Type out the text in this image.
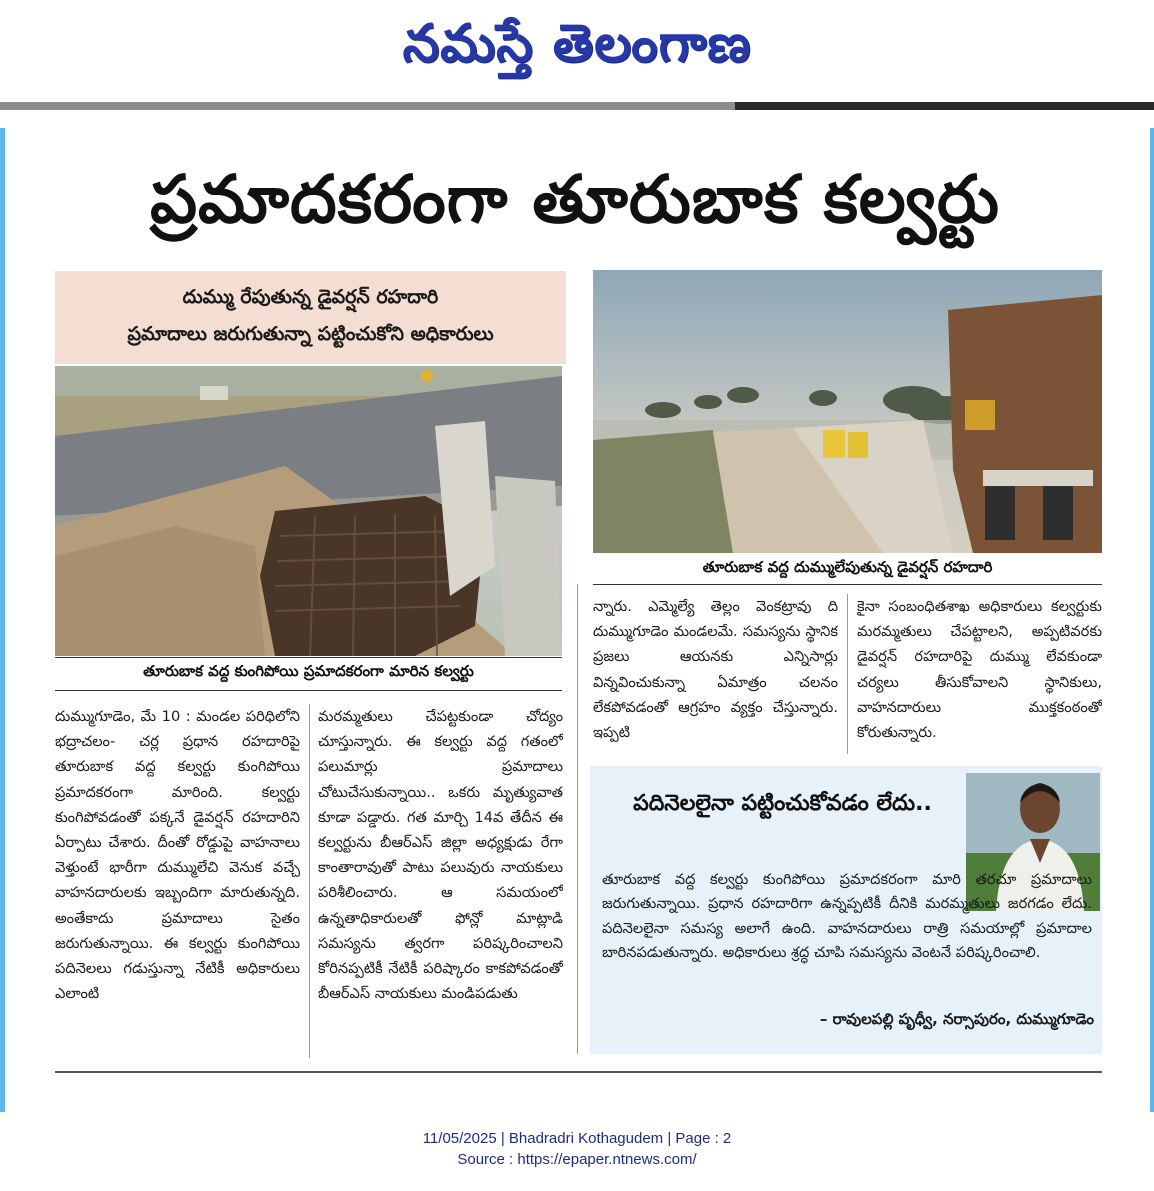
నమస్తే తెలంగాణ
ప్రమాదకరంగా తూరుబాక కల్వర్టు
దుమ్ము రేపుతున్న డైవర్షన్ రహదారి
ప్రమాదాలు జరుగుతున్నా పట్టించుకోని అధికారులు
తూరుబాక వద్ద కుంగిపోయి ప్రమాదకరంగా మారిన కల్వర్టు
తూరుబాక వద్ద దుమ్ములేపుతున్న డైవర్షన్ రహదారి
దుమ్ముగూడెం, మే 10 : మండల పరిధిలోని భద్రాచలం- చర్ల ప్రధాన రహదారిపై తూరుబాక వద్ద కల్వర్టు కుంగిపోయి ప్రమాదకరంగా మారింది. కల్వర్టు కుంగిపోవడంతో పక్కనే డైవర్షన్ రహదారిని ఏర్పాటు చేశారు. దీంతో రోడ్డుపై వాహనాలు వెళ్తుంటే భారీగా దుమ్ములేచి వెనుక వచ్చే వాహనదారులకు ఇబ్బందిగా మారుతున్నది. అంతేకాదు ప్రమాదాలు సైతం జరుగుతున్నాయి. ఈ కల్వర్టు కుంగిపోయి పదినెలలు గడుస్తున్నా నేటికీ అధికారులు ఎలాంటి
మరమ్మతులు చేపట్టకుండా చోద్యం చూస్తున్నారు. ఈ కల్వర్టు వద్ద గతంలో పలుమార్లు ప్రమాదాలు చోటుచేసుకున్నాయి.. ఒకరు మృత్యువాత కూడా పడ్డారు. గత మార్చి 14వ తేదీన ఈ కల్వర్టును బీఆర్ఎస్ జిల్లా అధ్యక్షుడు రేగా కాంతారావుతో పాటు పలువురు నాయకులు పరిశీలించారు. ఆ సమయంలో ఉన్నతాధికారులతో ఫోన్లో మాట్లాడి సమస్యను త్వరగా పరిష్కరించాలని కోరినప్పటికీ నేటికీ పరిష్కారం కాకపోవడంతో బీఆర్ఎస్ నాయకులు మండిపడుతు
న్నారు. ఎమ్మెల్యే తెల్లం వెంకట్రావు ది దుమ్ముగూడెం మండలమే. సమస్యను స్థానిక ప్రజలు ఆయనకు ఎన్నిసార్లు విన్నవించుకున్నా ఏమాత్రం చలనం లేకపోవడంతో ఆగ్రహం వ్యక్తం చేస్తున్నారు. ఇప్పటి
కైనా సంబంధితశాఖ అధికారులు కల్వర్టుకు మరమ్మతులు చేపట్టాలని, అప్పటివరకు డైవర్షన్ రహదారిపై దుమ్ము లేవకుండా చర్యలు తీసుకోవాలని స్థానికులు, వాహనదారులు ముక్తకంఠంతో కోరుతున్నారు.
పదినెలలైనా పట్టించుకోవడం లేదు..
తూరుబాక వద్ద కల్వర్టు కుంగిపోయి ప్రమాదకరంగా మారి తరచూ ప్రమాదాలు జరుగుతున్నాయి. ప్రధాన రహదారిగా ఉన్నప్పటికీ దీనికి మరమ్మతులు జరగడం లేదు. పదినెలలైనా సమస్య అలాగే ఉంది. వాహనదారులు రాత్రి సమయాల్లో ప్రమాదాల బారినపడుతున్నారు. అధికారులు శ్రద్ధ చూపి సమస్యను వెంటనే పరిష్కరించాలి.
– రావులపల్లి పృధ్వీ, నర్సాపురం, దుమ్ముగూడెం
11/05/2025 | Bhadradri Kothagudem | Page : 2
Source : https://epaper.ntnews.com/
